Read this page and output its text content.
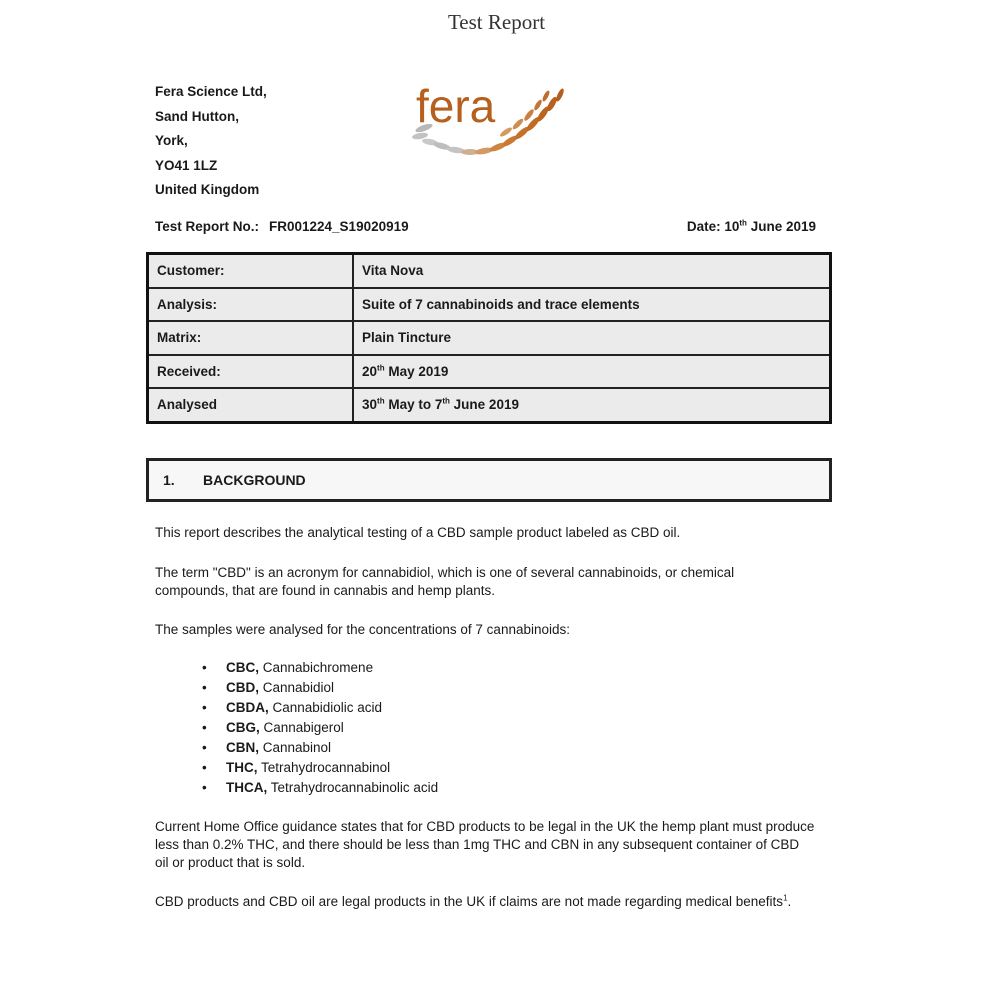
Test Report
Fera Science Ltd,
Sand Hutton,
York,
YO41 1LZ
United Kingdom
fera
Test Report No.: FR001224_S19020919	Date: 10th June 2019
Customer:	Vita Nova
Analysis:	Suite of 7 cannabinoids and trace elements
Matrix:	Plain Tincture
Received:	20th May 2019
Analysed	30th May to 7th June 2019
1. BACKGROUND
This report describes the analytical testing of a CBD sample product labeled as CBD oil.
The term "CBD" is an acronym for cannabidiol, which is one of several cannabinoids, or chemical compounds, that are found in cannabis and hemp plants.
The samples were analysed for the concentrations of 7 cannabinoids:
• CBC, Cannabichromene
• CBD, Cannabidiol
• CBDA, Cannabidiolic acid
• CBG, Cannabigerol
• CBN, Cannabinol
• THC, Tetrahydrocannabinol
• THCA, Tetrahydrocannabinolic acid
Current Home Office guidance states that for CBD products to be legal in the UK the hemp plant must produce less than 0.2% THC, and there should be less than 1mg THC and CBN in any subsequent container of CBD oil or product that is sold.
CBD products and CBD oil are legal products in the UK if claims are not made regarding medical benefits$^1$.
